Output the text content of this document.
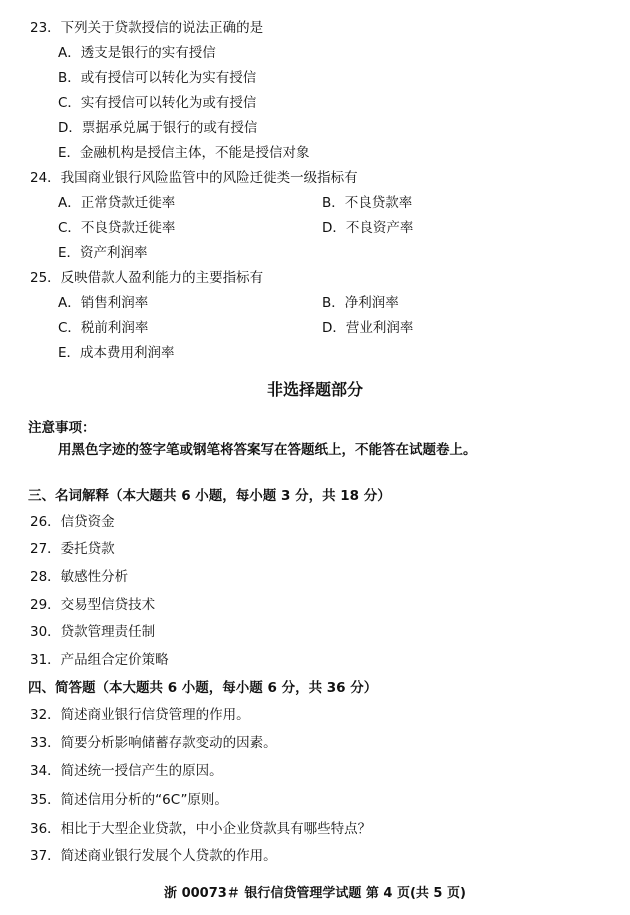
23．下列关于贷款授信的说法正确的是
A．透支是银行的实有授信
B．或有授信可以转化为实有授信
C．实有授信可以转化为或有授信
D．票据承兑属于银行的或有授信
E．金融机构是授信主体，不能是授信对象
24．我国商业银行风险监管中的风险迁徙类一级指标有
A．正常贷款迁徙率	B．不良贷款率
C．不良贷款迁徙率	D．不良资产率
E．资产利润率
25．反映借款人盈利能力的主要指标有
A．销售利润率	B．净利润率
C．税前利润率	D．营业利润率
E．成本费用利润率
非选择题部分
注意事项：
用黑色字迹的签字笔或钢笔将答案写在答题纸上，不能答在试题卷上。
三、名词解释（本大题共 6 小题，每小题 3 分，共 18 分）
26．信贷资金
27．委托贷款
28．敏感性分析
29．交易型信贷技术
30．贷款管理责任制
31．产品组合定价策略
四、简答题（本大题共 6 小题，每小题 6 分，共 36 分）
32．简述商业银行信贷管理的作用。
33．简要分析影响储蓄存款变动的因素。
34．简述统一授信产生的原因。
35．简述信用分析的“6C”原则。
36．相比于大型企业贷款，中小企业贷款具有哪些特点？
37．简述商业银行发展个人贷款的作用。
浙 00073＃ 银行信贷管理学试题 第 4 页(共 5 页)
